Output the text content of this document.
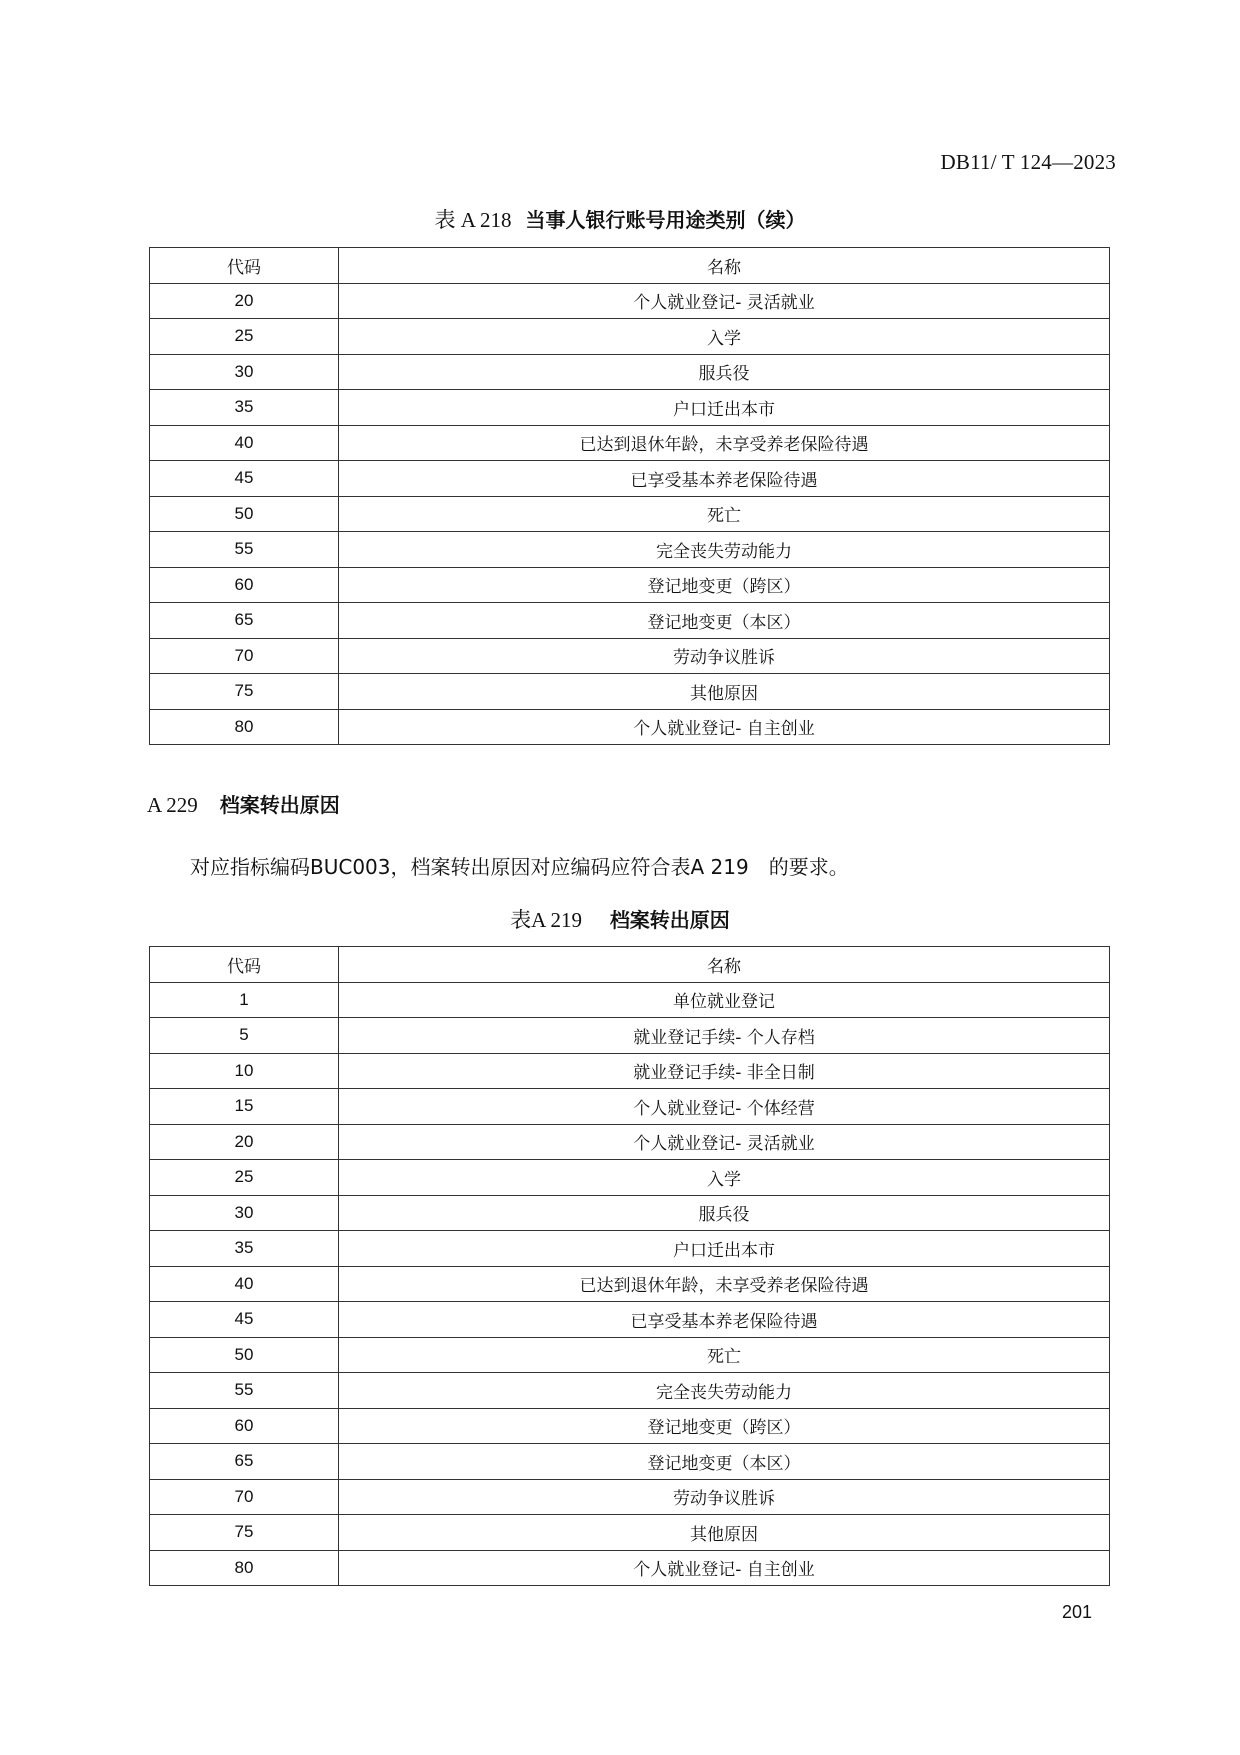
DB11/ T 124—2023
表 A 218 当事人银行账号用途类别（续）
代码	名称
20	个人就业登记- 灵活就业
25	入学
30	服兵役
35	户口迁出本市
40	已达到退休年龄，未享受养老保险待遇
45	已享受基本养老保险待遇
50	死亡
55	完全丧失劳动能力
60	登记地变更（跨区）
65	登记地变更（本区）
70	劳动争议胜诉
75	其他原因
80	个人就业登记- 自主创业
A 229 档案转出原因
对应指标编码BUC003，档案转出原因对应编码应符合表A 219　的要求。
表A 219 档案转出原因
代码	名称
1	单位就业登记
5	就业登记手续- 个人存档
10	就业登记手续- 非全日制
15	个人就业登记- 个体经营
20	个人就业登记- 灵活就业
25	入学
30	服兵役
35	户口迁出本市
40	已达到退休年龄，未享受养老保险待遇
45	已享受基本养老保险待遇
50	死亡
55	完全丧失劳动能力
60	登记地变更（跨区）
65	登记地变更（本区）
70	劳动争议胜诉
75	其他原因
80	个人就业登记- 自主创业
201
